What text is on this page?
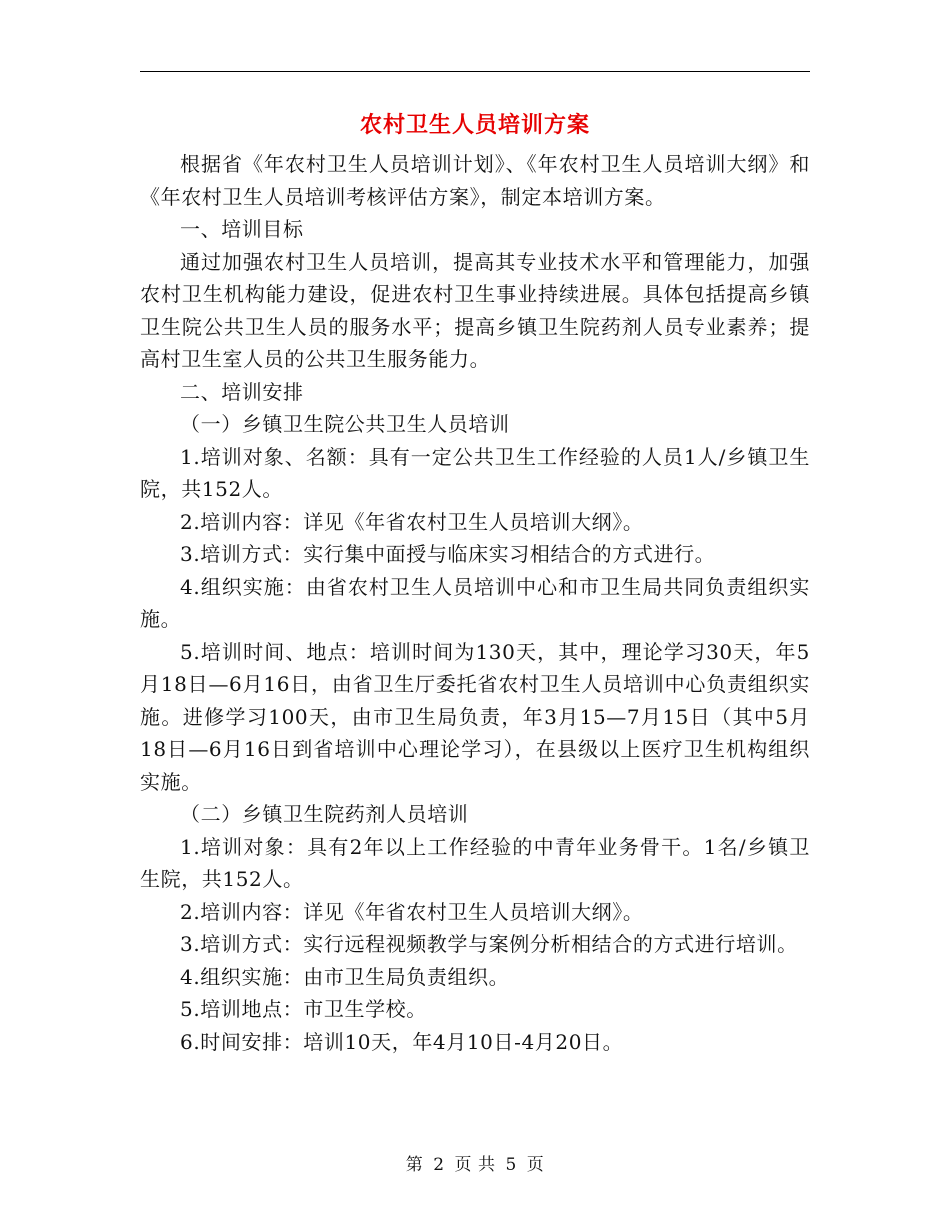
农村卫生人员培训方案

根据省《年农村卫生人员培训计划》、《年农村卫生人员培训大纲》和《年农村卫生人员培训考核评估方案》，制定本培训方案。

一、培训目标

通过加强农村卫生人员培训，提高其专业技术水平和管理能力，加强农村卫生机构能力建设，促进农村卫生事业持续进展。具体包括提高乡镇卫生院公共卫生人员的服务水平；提高乡镇卫生院药剂人员专业素养；提高村卫生室人员的公共卫生服务能力。

二、培训安排

（一）乡镇卫生院公共卫生人员培训

1.培训对象、名额：具有一定公共卫生工作经验的人员1人/乡镇卫生院，共152人。

2.培训内容：详见《年省农村卫生人员培训大纲》。

3.培训方式：实行集中面授与临床实习相结合的方式进行。

4.组织实施：由省农村卫生人员培训中心和市卫生局共同负责组织实施。

5.培训时间、地点：培训时间为130天，其中，理论学习30天，年5月18日—6月16日，由省卫生厅委托省农村卫生人员培训中心负责组织实施。进修学习100天，由市卫生局负责，年3月15—7月15日（其中5月18日—6月16日到省培训中心理论学习），在县级以上医疗卫生机构组织实施。

（二）乡镇卫生院药剂人员培训

1.培训对象：具有2年以上工作经验的中青年业务骨干。1名/乡镇卫生院，共152人。

2.培训内容：详见《年省农村卫生人员培训大纲》。

3.培训方式：实行远程视频教学与案例分析相结合的方式进行培训。

4.组织实施：由市卫生局负责组织。

5.培训地点：市卫生学校。

6.时间安排：培训10天，年4月10日-4月20日。

第 2 页 共 5 页
